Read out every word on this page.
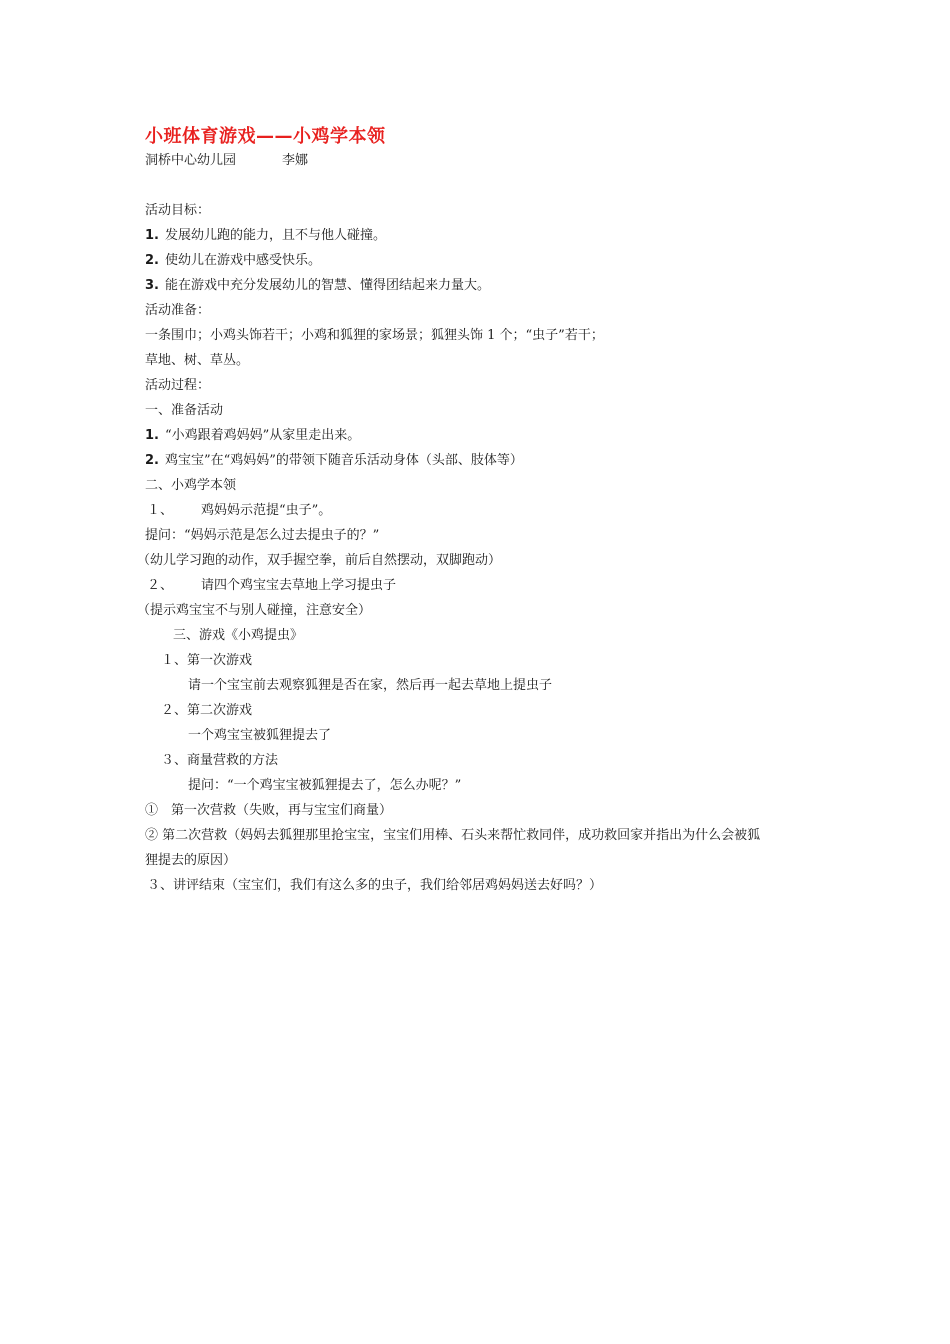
小班体育游戏——小鸡学本领
洞桥中心幼儿园	李娜
活动目标：
1. 发展幼儿跑的能力，且不与他人碰撞。
2. 使幼儿在游戏中感受快乐。
3. 能在游戏中充分发展幼儿的智慧、懂得团结起来力量大。
活动准备：
一条围巾；小鸡头饰若干；小鸡和狐狸的家场景；狐狸头饰 1 个；“虫子”若干；
草地、树、草丛。
活动过程：
一、准备活动
1. “小鸡跟着鸡妈妈”从家里走出来。
2. 鸡宝宝”在“鸡妈妈”的带领下随音乐活动身体（头部、肢体等）
二、小鸡学本领
１、 鸡妈妈示范提“虫子”。
提问：“妈妈示范是怎么过去提虫子的？”
（幼儿学习跑的动作，双手握空拳，前后自然摆动，双脚跑动）
２、 请四个鸡宝宝去草地上学习提虫子
（提示鸡宝宝不与别人碰撞，注意安全）
三、游戏《小鸡提虫》
１、第一次游戏
请一个宝宝前去观察狐狸是否在家，然后再一起去草地上提虫子
２、第二次游戏
一个鸡宝宝被狐狸提去了
３、商量营救的方法
提问：“一个鸡宝宝被狐狸提去了，怎么办呢？”
①　第一次营救（失败，再与宝宝们商量）
② 第二次营救（妈妈去狐狸那里抢宝宝，宝宝们用棒、石头来帮忙救同伴，成功救回家并指出为什么会被狐
狸提去的原因）
３、讲评结束（宝宝们，我们有这么多的虫子，我们给邻居鸡妈妈送去好吗？）
